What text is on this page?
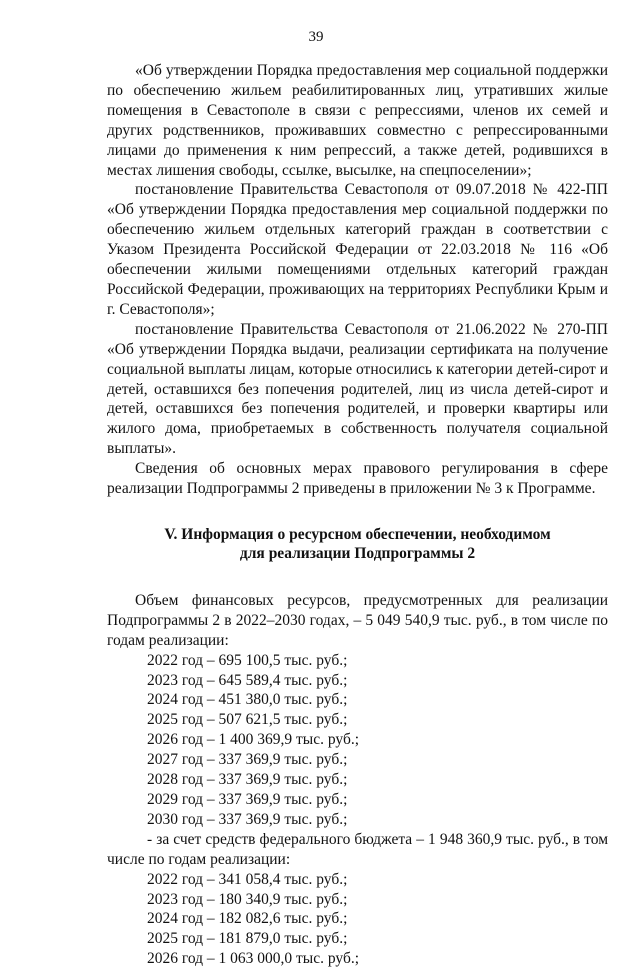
39

«Об утверждении Порядка предоставления мер социальной поддержки по обеспечению жильем реабилитированных лиц, утративших жилые помещения в Севастополе в связи с репрессиями, членов их семей и других родственников, проживавших совместно с репрессированными лицами до применения к ним репрессий, а также детей, родившихся в местах лишения свободы, ссылке, высылке, на спецпоселении»;

постановление Правительства Севастополя от 09.07.2018 № 422-ПП «Об утверждении Порядка предоставления мер социальной поддержки по обеспечению жильем отдельных категорий граждан в соответствии с Указом Президента Российской Федерации от 22.03.2018 № 116 «Об обеспечении жилыми помещениями отдельных категорий граждан Российской Федерации, проживающих на территориях Республики Крым и г. Севастополя»;

постановление Правительства Севастополя от 21.06.2022 № 270-ПП «Об утверждении Порядка выдачи, реализации сертификата на получение социальной выплаты лицам, которые относились к категории детей-сирот и детей, оставшихся без попечения родителей, лиц из числа детей-сирот и детей, оставшихся без попечения родителей, и проверки квартиры или жилого дома, приобретаемых в собственность получателя социальной выплаты».

Сведения об основных мерах правового регулирования в сфере реализации Подпрограммы 2 приведены в приложении № 3 к Программе.

V. Информация о ресурсном обеспечении, необходимом

для реализации Подпрограммы 2

Объем финансовых ресурсов, предусмотренных для реализации Подпрограммы 2 в 2022–2030 годах, – 5 049 540,9 тыс. руб., в том числе по годам реализации:

2022 год – 695 100,5 тыс. руб.;
2023 год – 645 589,4 тыс. руб.;
2024 год – 451 380,0 тыс. руб.;
2025 год – 507 621,5 тыс. руб.;
2026 год – 1 400 369,9 тыс. руб.;
2027 год – 337 369,9 тыс. руб.;
2028 год – 337 369,9 тыс. руб.;
2029 год – 337 369,9 тыс. руб.;
2030 год – 337 369,9 тыс. руб.;

- за счет средств федерального бюджета – 1 948 360,9 тыс. руб., в том числе по годам реализации:

2022 год – 341 058,4 тыс. руб.;
2023 год – 180 340,9 тыс. руб.;
2024 год – 182 082,6 тыс. руб.;
2025 год – 181 879,0 тыс. руб.;
2026 год – 1 063 000,0 тыс. руб.;
